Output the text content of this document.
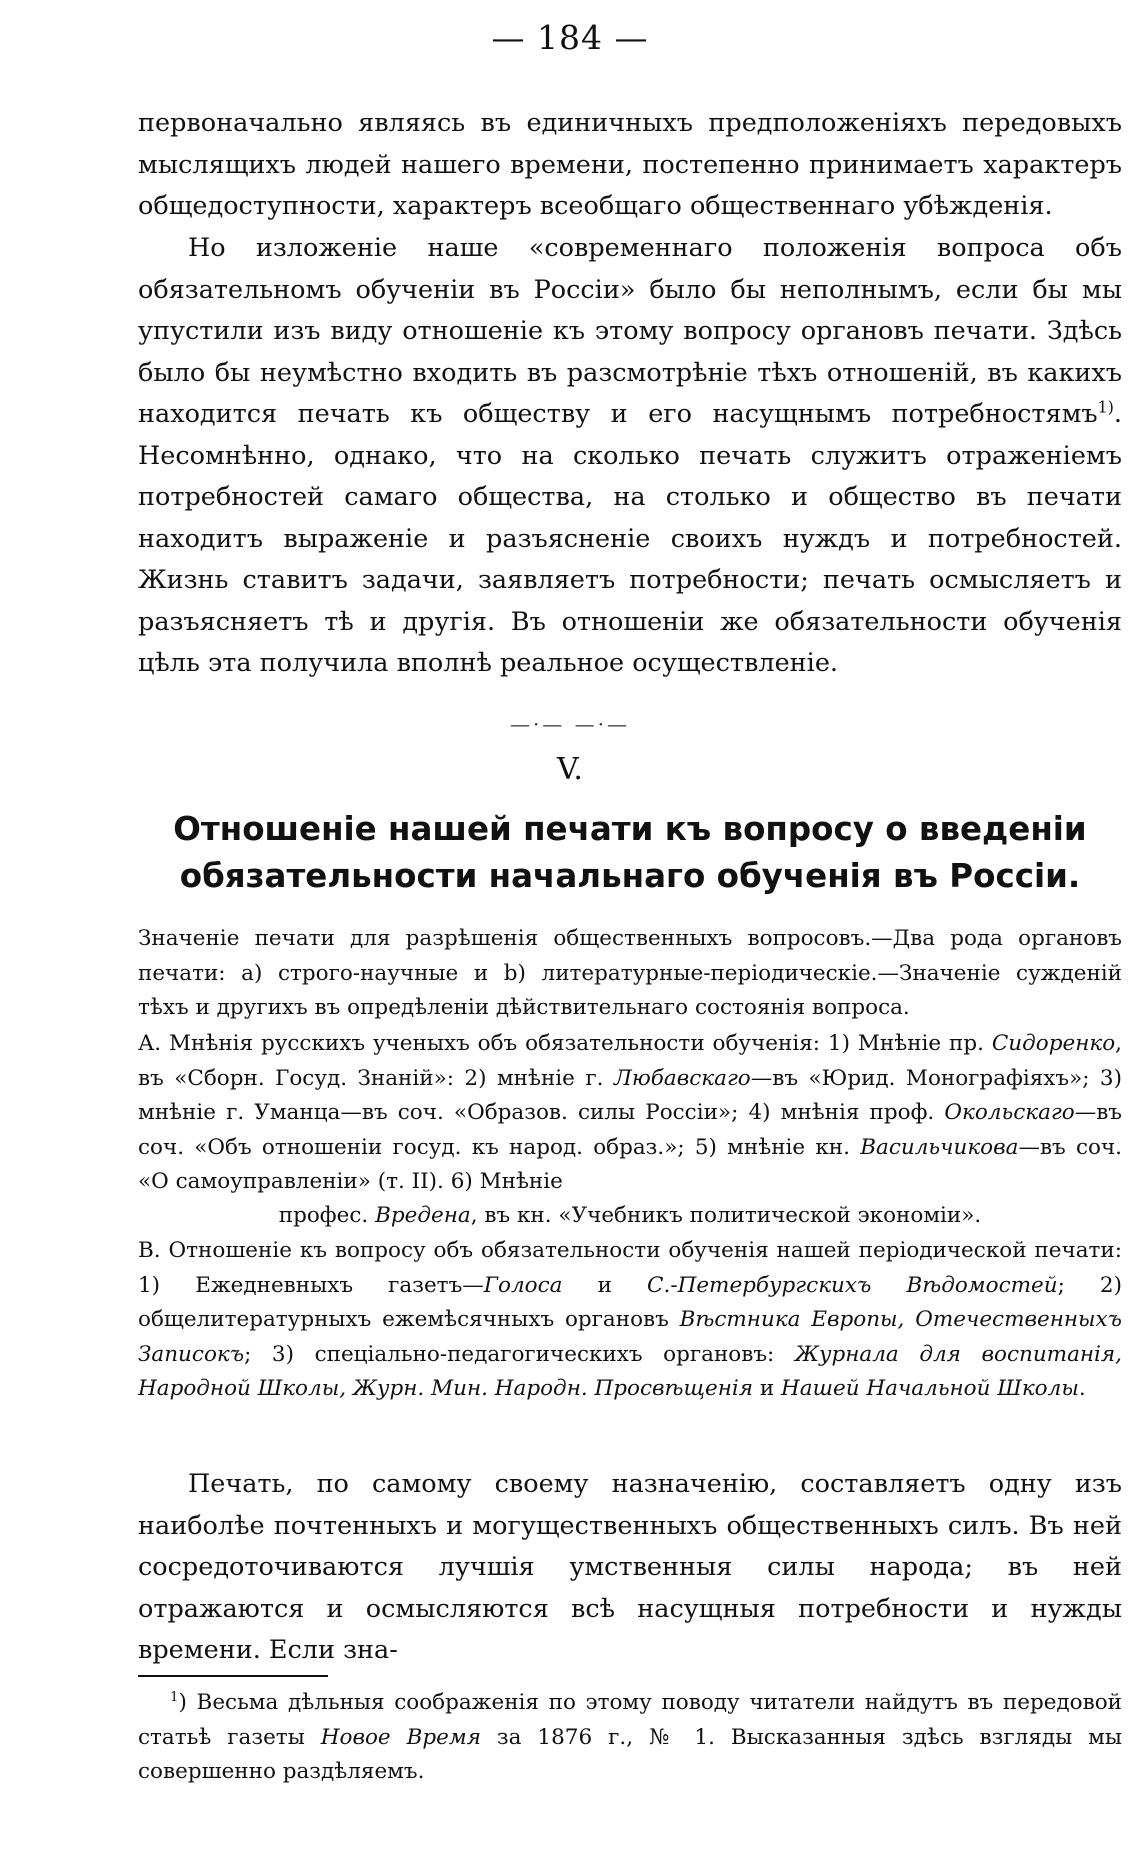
— 184 —
первоначально являясь въ единичныхъ предположеніяхъ передовыхъ мыслящихъ людей нашего времени, постепенно принимаетъ характеръ общедоступности, характеръ всеобщаго общественнаго убѣжденія.
Но изложеніе наше «современнаго положенія вопроса объ обязательномъ обученіи въ Россіи» было бы неполнымъ, если бы мы упустили изъ виду отношеніе къ этому вопросу органовъ печати. Здѣсь было бы неумѣстно входить въ разсмотрѣніе тѣхъ отношеній, въ какихъ находится печать къ обществу и его насущнымъ потребностямъ$^{1)}$. Несомнѣнно, однако, что на сколько печать служитъ отраженіемъ потребностей самаго общества, на столько и общество въ печати находитъ выраженіе и разъясненіе своихъ нуждъ и потребностей. Жизнь ставитъ задачи, заявляетъ потребности; печать осмысляетъ и разъясняетъ тѣ и другія. Въ отношеніи же обязательности обученія цѣль эта получила вполнѣ реальное осуществленіе.
—·— —·—
V.
Отношеніе нашей печати къ вопросу о введеніи обязательности начальнаго обученія въ Россіи.
Значеніе печати для разрѣшенія общественныхъ вопросовъ.—Два рода органовъ печати: а) строго-научные и b) литературные-періодическіе.—Значеніе сужденій тѣхъ и другихъ въ опредѣленіи дѣйствительнаго состоянія вопроса.
А. Мнѣнія русскихъ ученыхъ объ обязательности обученія: 1) Мнѣніе пр. Сидоренко, въ «Сборн. Госуд. Знаній»: 2) мнѣніе г. Любавскаго—въ «Юрид. Монографіяхъ»; 3) мнѣніе г. Уманца—въ соч. «Образов. силы Россіи»; 4) мнѣнія проф. Окольскаго—въ соч. «Объ отношеніи госуд. къ народ. образ.»; 5) мнѣніе кн. Васильчикова—въ соч. «О самоуправленіи» (т. II). 6) Мнѣніе
профес. Вредена, въ кн. «Учебникъ политической экономіи».
В. Отношеніе къ вопросу объ обязательности обученія нашей періодической печати: 1) Ежедневныхъ газетъ—Голоса и С.-Петербургскихъ Вѣдомостей; 2) общелитературныхъ ежемѣсячныхъ органовъ Вѣстника Европы, Отечественныхъ Записокъ; 3) спеціально-педагогическихъ органовъ: Журнала для воспитанія, Народной Школы, Журн. Мин. Народн. Просвѣщенія и Нашей Начальной Школы.
Печать, по самому своему назначенію, составляетъ одну изъ наиболѣе почтенныхъ и могущественныхъ общественныхъ силъ. Въ ней сосредоточиваются лучшія умственныя силы народа; въ ней отражаются и осмысляются всѣ насущныя потребности и нужды времени. Если зна-
$^1$) Весьма дѣльныя соображенія по этому поводу читатели найдутъ въ передовой статьѣ газеты Новое Время за 1876 г., № 1. Высказанныя здѣсь взгляды мы совершенно раздѣляемъ.
